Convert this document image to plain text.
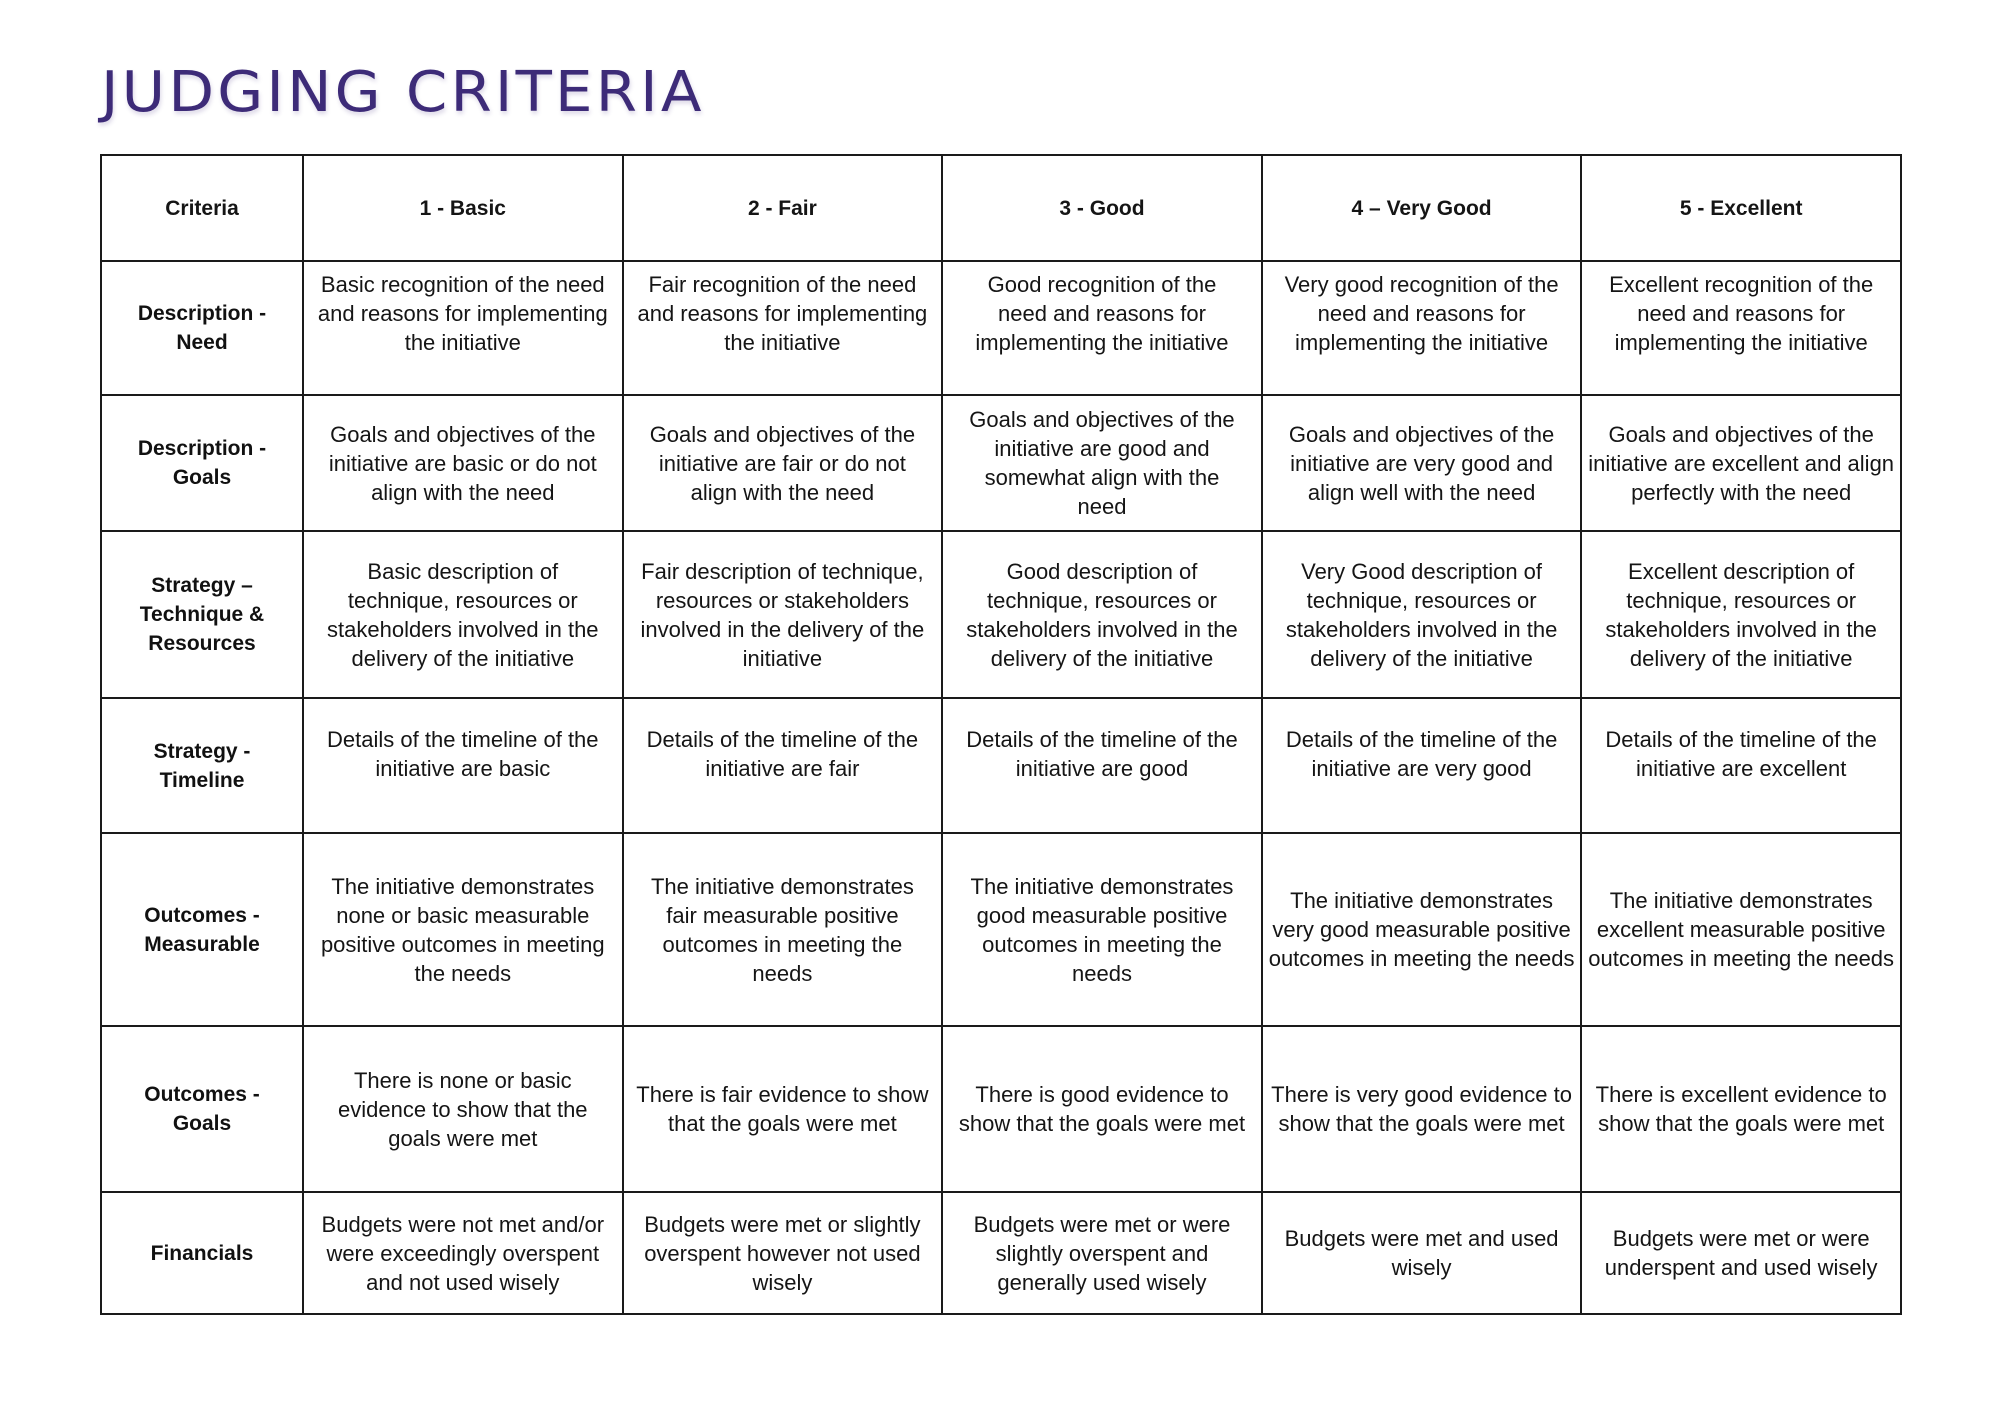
JUDGING CRITERIA
Criteria	1 - Basic	2 - Fair	3 - Good	4 – Very Good	5 - Excellent
Description - Need	Basic recognition of the need and reasons for implementing the initiative	Fair recognition of the need and reasons for implementing the initiative	Good recognition of the need and reasons for implementing the initiative	Very good recognition of the need and reasons for implementing the initiative	Excellent recognition of the need and reasons for implementing the initiative
Description - Goals	Goals and objectives of the initiative are basic or do not align with the need	Goals and objectives of the initiative are fair or do not align with the need	Goals and objectives of the initiative are good and somewhat align with the need	Goals and objectives of the initiative are very good and align well with the need	Goals and objectives of the initiative are excellent and align perfectly with the need
Strategy – Technique & Resources	Basic description of technique, resources or stakeholders involved in the delivery of the initiative	Fair description of technique, resources or stakeholders involved in the delivery of the initiative	Good description of technique, resources or stakeholders involved in the delivery of the initiative	Very Good description of technique, resources or stakeholders involved in the delivery of the initiative	Excellent description of technique, resources or stakeholders involved in the delivery of the initiative
Strategy - Timeline	Details of the timeline of the initiative are basic	Details of the timeline of the initiative are fair	Details of the timeline of the initiative are good	Details of the timeline of the initiative are very good	Details of the timeline of the initiative are excellent
Outcomes - Measurable	The initiative demonstrates none or basic measurable positive outcomes in meeting the needs	The initiative demonstrates fair measurable positive outcomes in meeting the needs	The initiative demonstrates good measurable positive outcomes in meeting the needs	The initiative demonstrates very good measurable positive outcomes in meeting the needs	The initiative demonstrates excellent measurable positive outcomes in meeting the needs
Outcomes - Goals	There is none or basic evidence to show that the goals were met	There is fair evidence to show that the goals were met	There is good evidence to show that the goals were met	There is very good evidence to show that the goals were met	There is excellent evidence to show that the goals were met
Financials	Budgets were not met and/or were exceedingly overspent and not used wisely	Budgets were met or slightly overspent however not used wisely	Budgets were met or were slightly overspent and generally used wisely	Budgets were met and used wisely	Budgets were met or were underspent and used wisely
